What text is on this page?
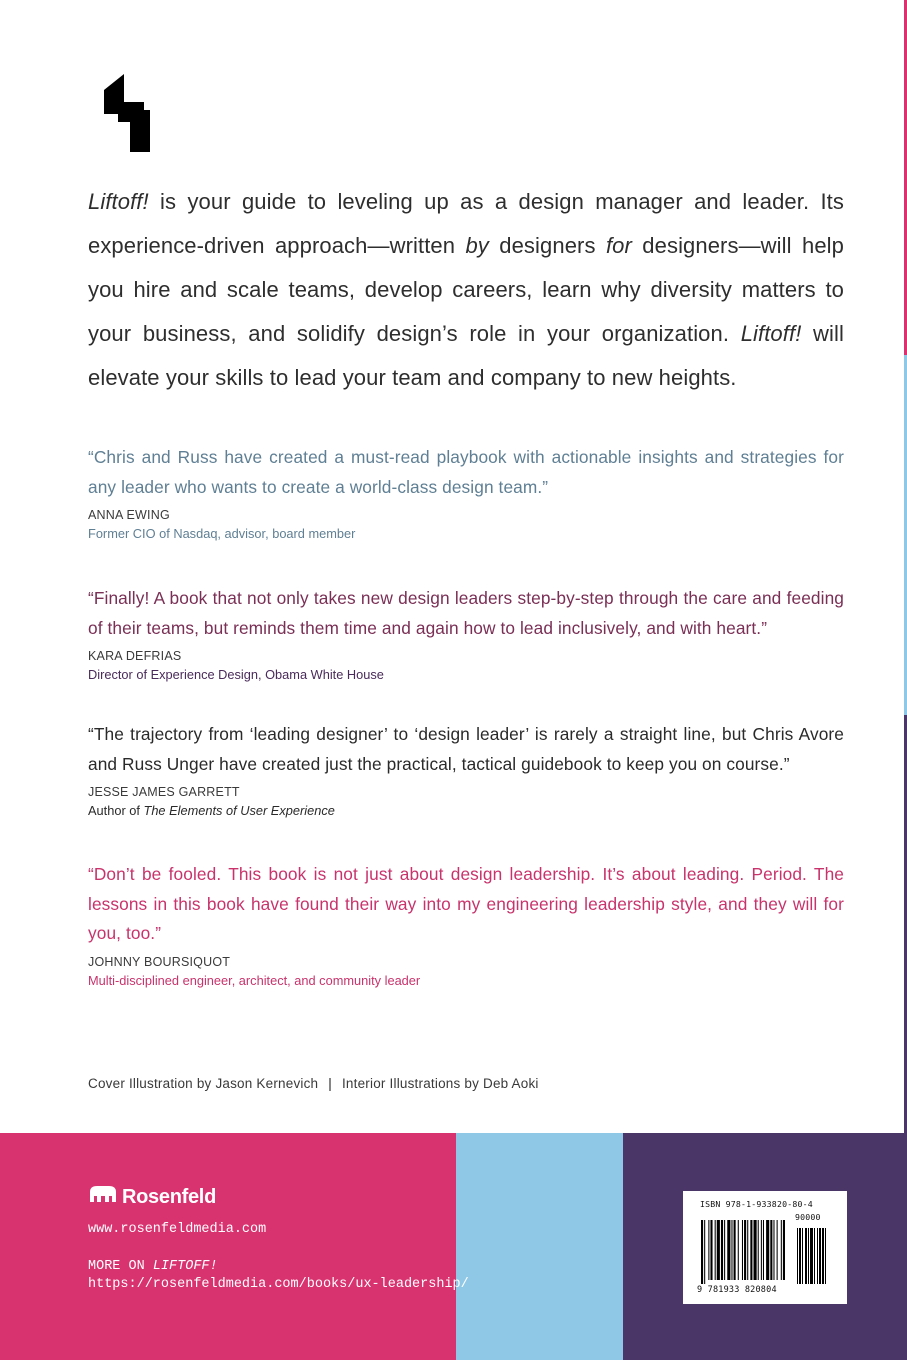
Liftoff! is your guide to leveling up as a design manager and leader. Its experience-driven approach—written by designers for designers—will help you hire and scale teams, develop careers, learn why diversity matters to your business, and solidify design’s role in your organization. Liftoff! will elevate your skills to lead your team and company to new heights.
“Chris and Russ have created a must-read playbook with actionable insights and strategies for any leader who wants to create a world-class design team.”
ANNA EWING
Former CIO of Nasdaq, advisor, board member
“Finally! A book that not only takes new design leaders step-by-step through the care and feeding of their teams, but reminds them time and again how to lead inclusively, and with heart.”
KARA DEFRIAS
Director of Experience Design, Obama White House
“The trajectory from ‘leading designer’ to ‘design leader’ is rarely a straight line, but Chris Avore and Russ Unger have created just the practical, tactical guidebook to keep you on course.”
JESSE JAMES GARRETT
Author of The Elements of User Experience
“Don’t be fooled. This book is not just about design leadership. It’s about leading. Period. The lessons in this book have found their way into my engineering leadership style, and they will for you, too.”
JOHNNY BOURSIQUOT
Multi-disciplined engineer, architect, and community leader
Cover Illustration by Jason Kernevich | Interior Illustrations by Deb Aoki
Rosenfeld
www.rosenfeldmedia.com
MORE ON LIFTOFF!
https://rosenfeldmedia.com/books/ux-leadership/
ISBN 978-1-933820-80-4
90000
9 781933 820804
